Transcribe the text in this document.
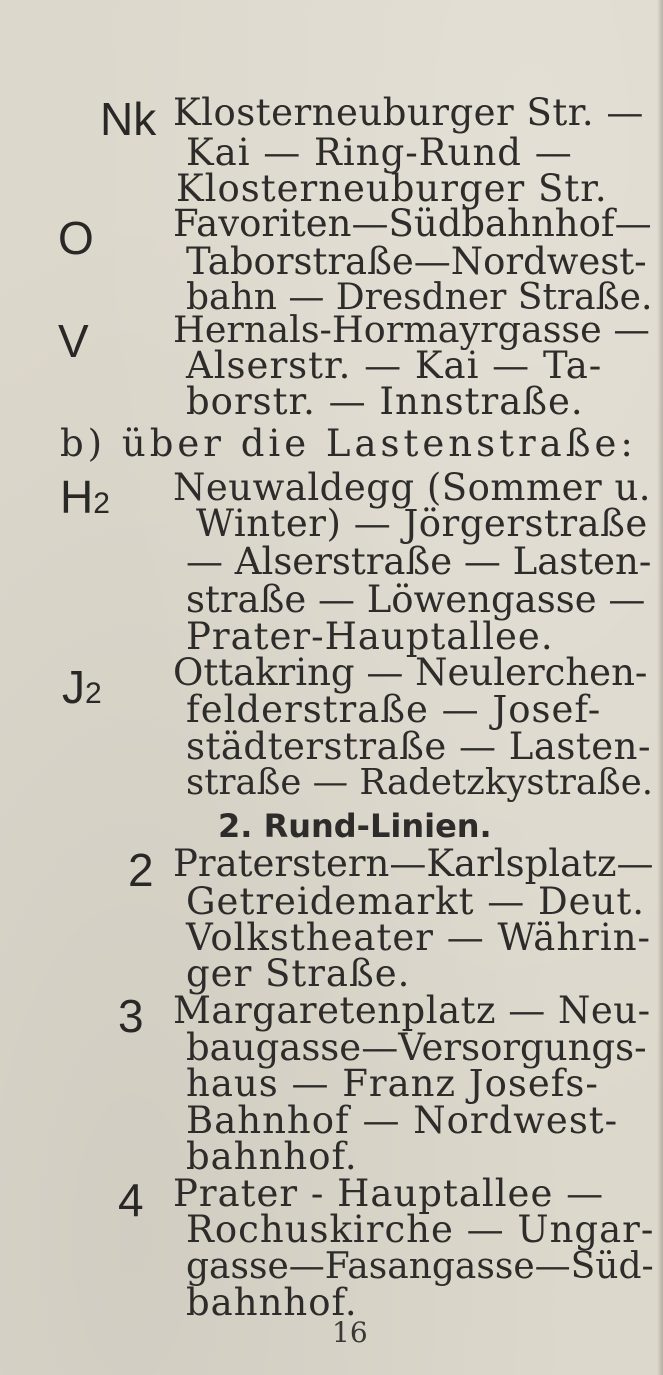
Nk Klosterneuburger Str. —
Kai — Ring-Rund —
Klosterneuburger Str.
O Favoriten—Südbahnhof—
Taborstraße—Nordwest-
bahn — Dresdner Straße.
V Hernals-Hormayrgasse —
Alserstr. — Kai — Ta-
borstr. — Innstraße.
b) über die Lastenstraße:
H2 Neuwaldegg (Sommer u.
Winter) — Jörgerstraße
— Alserstraße — Lasten-
straße — Löwengasse —
Prater-Hauptallee.
J2 Ottakring — Neulerchen-
felderstraße — Josef-
städterstraße — Lasten-
straße — Radetzkystraße.
2. Rund-Linien.
2 Praterstern—Karlsplatz—
Getreidemarkt — Deut.
Volkstheater — Währin-
ger Straße.
3 Margaretenplatz — Neu-
baugasse—Versorgungs-
haus — Franz Josefs-
Bahnhof — Nordwest-
bahnhof.
4 Prater - Hauptallee —
Rochuskirche — Ungar-
gasse—Fasangasse—Süd-
bahnhof.
16
